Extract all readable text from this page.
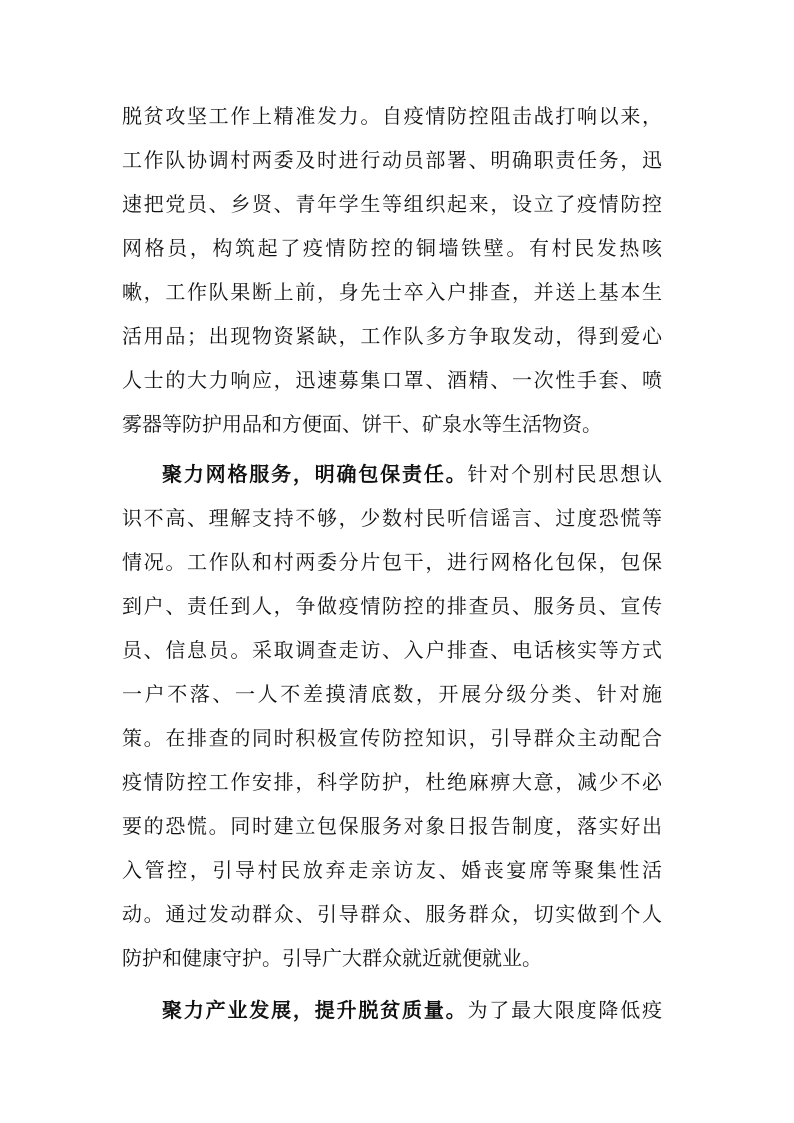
脱贫攻坚工作上精准发力。自疫情防控阻击战打响以来，
工作队协调村两委及时进行动员部署、明确职责任务，迅
速把党员、乡贤、青年学生等组织起来，设立了疫情防控
网格员，构筑起了疫情防控的铜墙铁壁。有村民发热咳
嗽，工作队果断上前，身先士卒入户排查，并送上基本生
活用品；出现物资紧缺，工作队多方争取发动，得到爱心
人士的大力响应，迅速募集口罩、酒精、一次性手套、喷
雾器等防护用品和方便面、饼干、矿泉水等生活物资。
聚力网格服务，明确包保责任。针对个别村民思想认
识不高、理解支持不够，少数村民听信谣言、过度恐慌等
情况。工作队和村两委分片包干，进行网格化包保，包保
到户、责任到人，争做疫情防控的排查员、服务员、宣传
员、信息员。采取调查走访、入户排查、电话核实等方式
一户不落、一人不差摸清底数，开展分级分类、针对施
策。在排查的同时积极宣传防控知识，引导群众主动配合
疫情防控工作安排，科学防护，杜绝麻痹大意，减少不必
要的恐慌。同时建立包保服务对象日报告制度，落实好出
入管控，引导村民放弃走亲访友、婚丧宴席等聚集性活
动。通过发动群众、引导群众、服务群众，切实做到个人
防护和健康守护。引导广大群众就近就便就业。
聚力产业发展，提升脱贫质量。为了最大限度降低疫
